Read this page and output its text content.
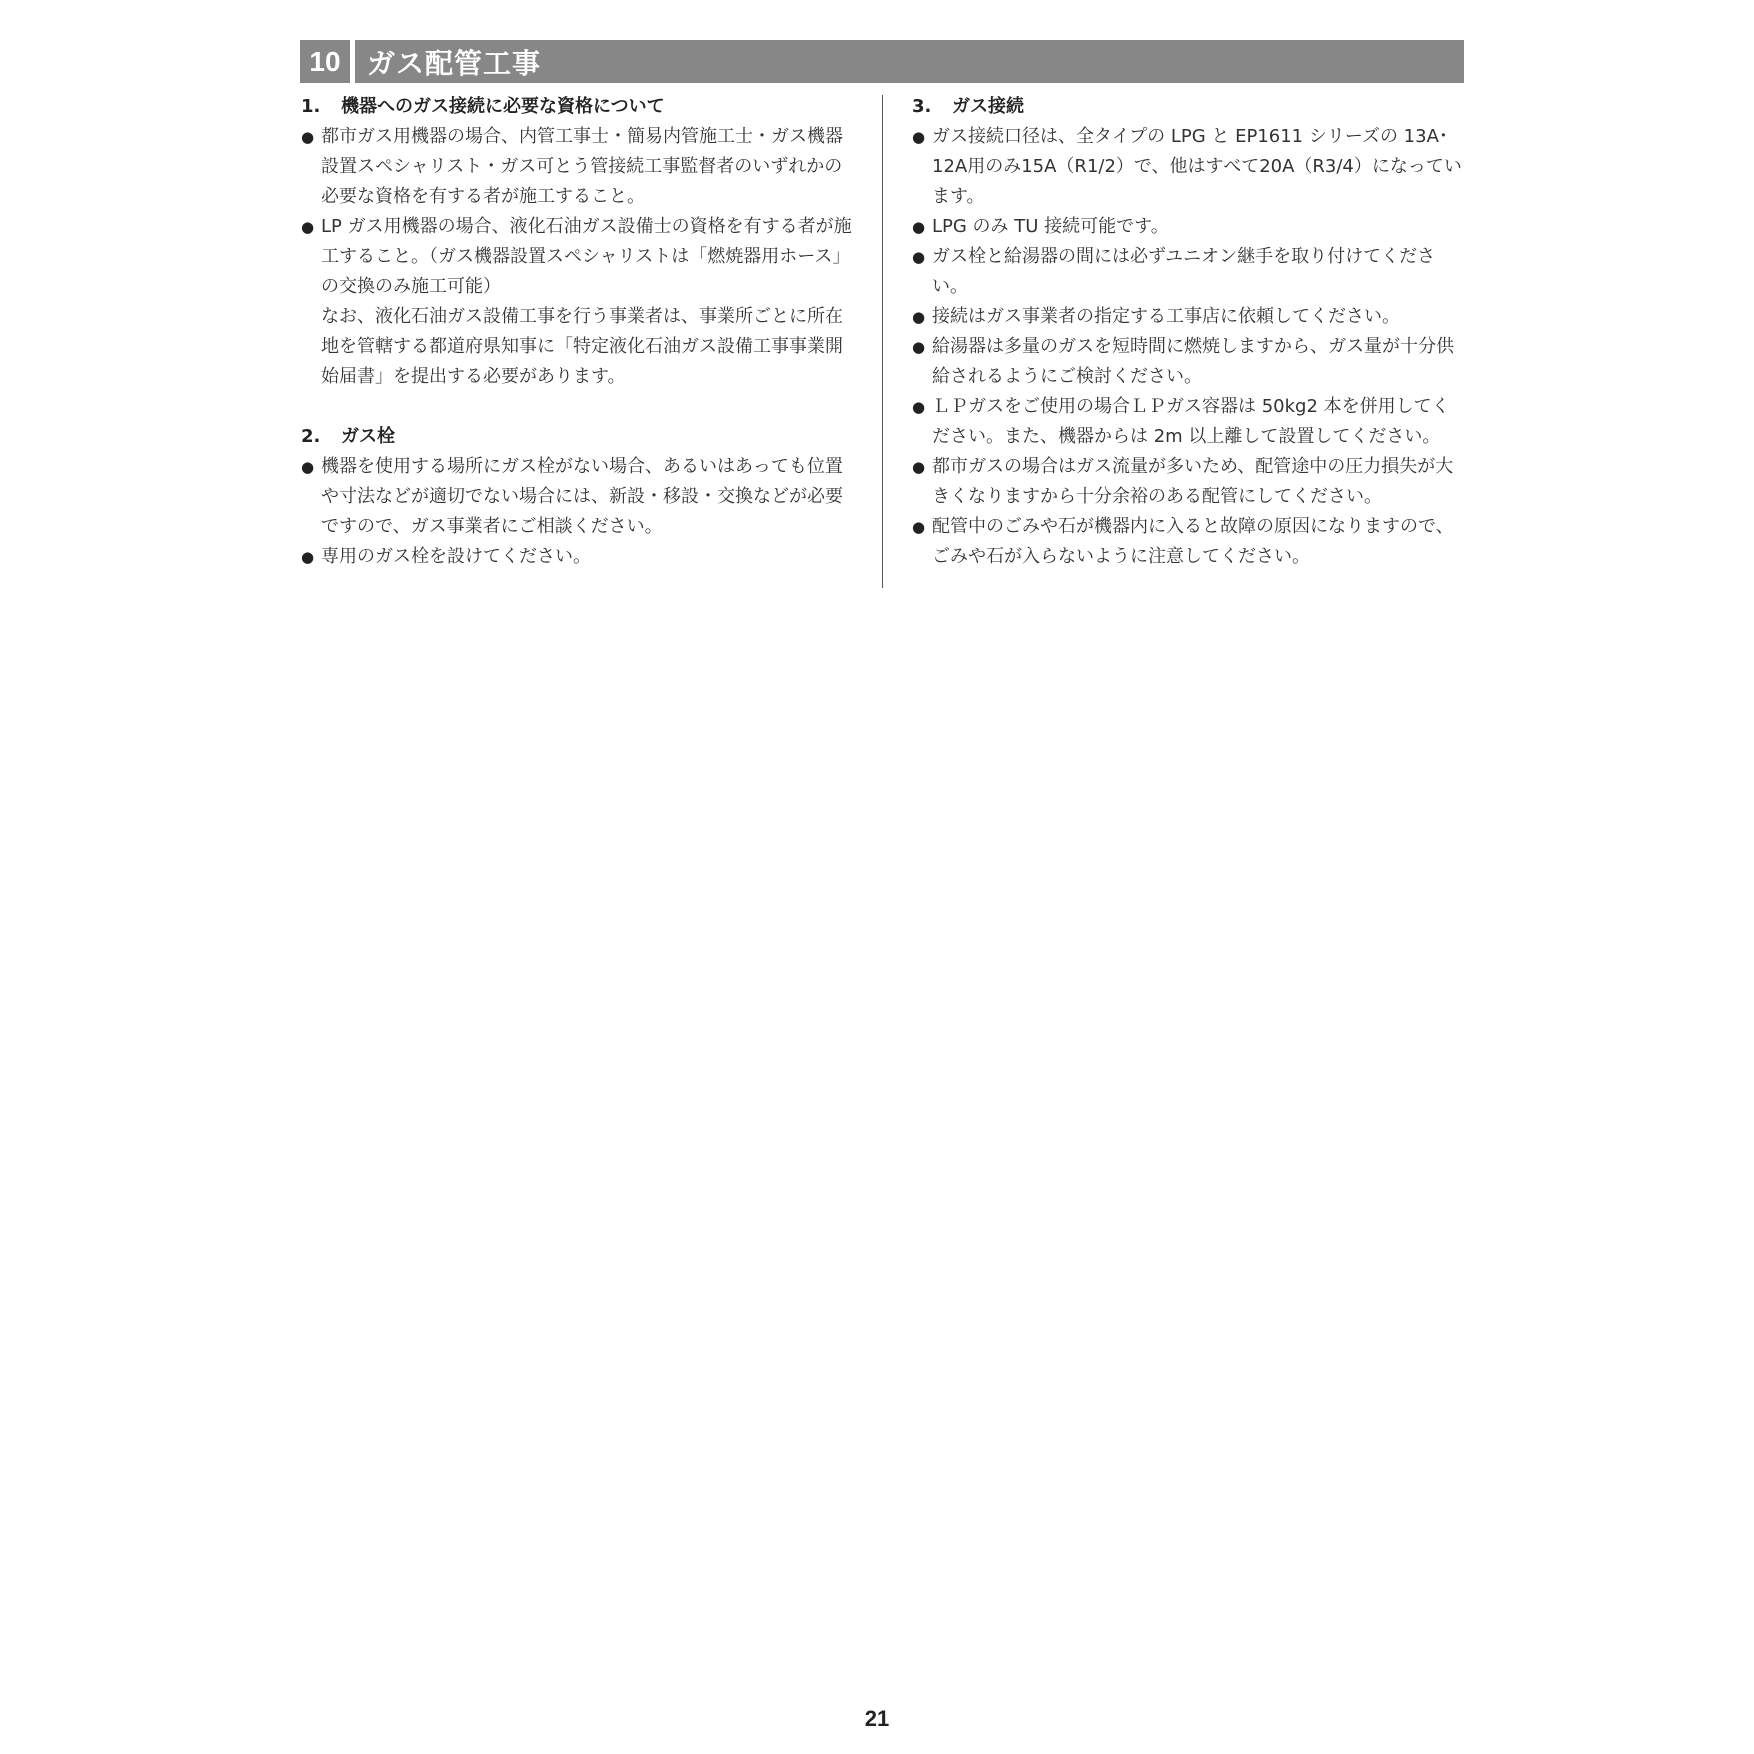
10 ガス配管工事
1. 機器へのガス接続に必要な資格について
● 都市ガス用機器の場合、内管工事士・簡易内管施工士・ガス機器設置スペシャリスト・ガス可とう管接続工事監督者のいずれかの必要な資格を有する者が施工すること。
● LP ガス用機器の場合、液化石油ガス設備士の資格を有する者が施工すること。（ガス機器設置スペシャリストは「燃焼器用ホース」の交換のみ施工可能）
なお、液化石油ガス設備工事を行う事業者は、事業所ごとに所在地を管轄する都道府県知事に「特定液化石油ガス設備工事事業開始届書」を提出する必要があります。
2. ガス栓
● 機器を使用する場所にガス栓がない場合、あるいはあっても位置や寸法などが適切でない場合には、新設・移設・交換などが必要ですので、ガス事業者にご相談ください。
● 専用のガス栓を設けてください。
3. ガス接続
● ガス接続口径は、全タイプの LPG と EP1611 シリーズの 13A･12A用のみ15A（R1/2）で、他はすべて20A（R3/4）になっています。
● LPG のみ TU 接続可能です。
● ガス栓と給湯器の間には必ずユニオン継手を取り付けてください。
● 接続はガス事業者の指定する工事店に依頼してください。
● 給湯器は多量のガスを短時間に燃焼しますから、ガス量が十分供給されるようにご検討ください。
● ＬＰガスをご使用の場合ＬＰガス容器は 50kg2 本を併用してください。また、機器からは 2m 以上離して設置してください。
● 都市ガスの場合はガス流量が多いため、配管途中の圧力損失が大きくなりますから十分余裕のある配管にしてください。
● 配管中のごみや石が機器内に入ると故障の原因になりますので、ごみや石が入らないように注意してください。
21
